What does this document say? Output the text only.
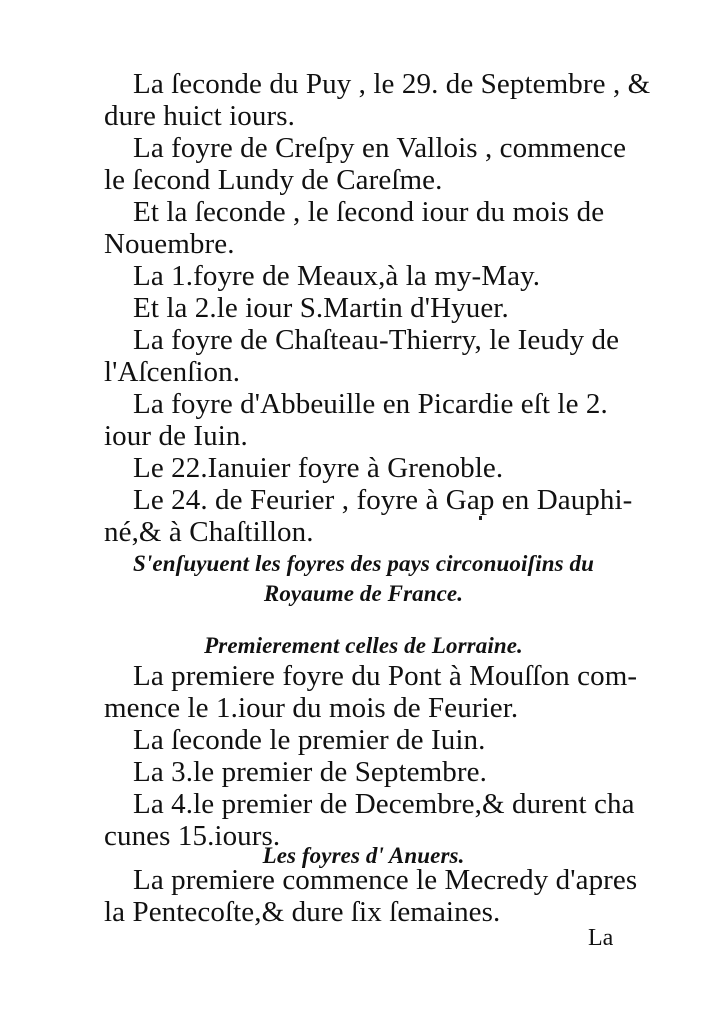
La ſeconde du Puy , le 29. de Septembre , &
dure huict iours.
La foyre de Creſpy en Vallois , commence
le ſecond Lundy de Careſme.
Et la ſeconde , le ſecond iour du mois de
Nouembre.
La 1.foyre de Meaux,à la my-May.
Et la 2.le iour S.Martin d'Hyuer.
La foyre de Chaſteau-Thierry, le Ieudy de
l'Aſcenſion.
La foyre d'Abbeuille en Picardie eſt le 2.
iour de Iuin.
Le 22.Ianuier foyre à Grenoble.
Le 24. de Feurier , foyre à Gap en Dauphi-
né,& à Chaſtillon.
S'enſuyuent les foyres des pays circonuoiſins du
Royaume de France.
Premierement celles de Lorraine.
La premiere foyre du Pont à Mouſſon com-
mence le 1.iour du mois de Feurier.
La ſeconde le premier de Iuin.
La 3.le premier de Septembre.
La 4.le premier de Decembre,& durent cha
cunes 15.iours.
Les foyres d' Anuers.
La premiere commence le Mecredy d'apres
la Pentecoſte,& dure ſix ſemaines.
La
